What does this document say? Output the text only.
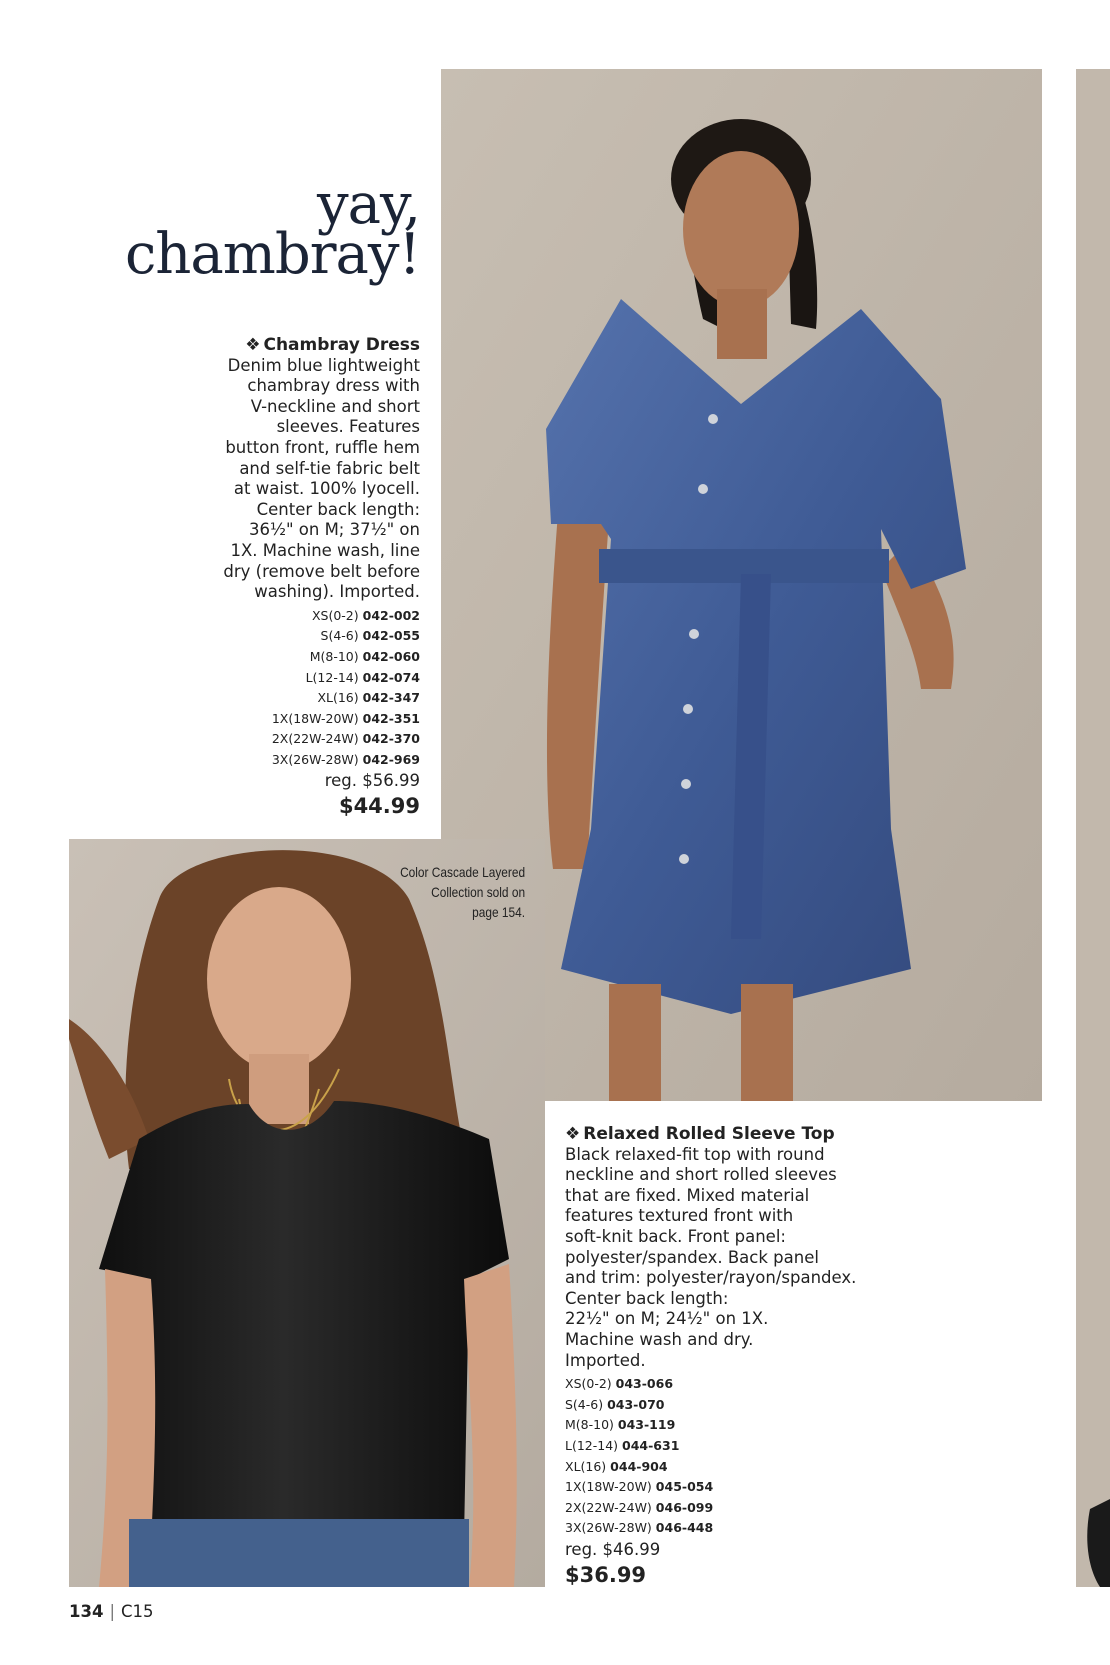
yay,
chambray!
❖ Chambray Dress
Denim blue lightweight
chambray dress with
V-neckline and short
sleeves. Features
button front, ruffle hem
and self-tie fabric belt
at waist. 100% lyocell.
Center back length:
36½" on M; 37½" on
1X. Machine wash, line
dry (remove belt before
washing). Imported.
XS(0-2) 042-002
S(4-6) 042-055
M(8-10) 042-060
L(12-14) 042-074
XL(16) 042-347
1X(18W-20W) 042-351
2X(22W-24W) 042-370
3X(26W-28W) 042-969
reg. $56.99
$44.99
Color Cascade Layered
Collection sold on
page 154.
❖ Relaxed Rolled Sleeve Top
Black relaxed-fit top with round
neckline and short rolled sleeves
that are fixed. Mixed material
features textured front with
soft-knit back. Front panel:
polyester/spandex. Back panel
and trim: polyester/rayon/spandex.
Center back length:
22½" on M; 24½" on 1X.
Machine wash and dry.
Imported.
XS(0-2) 043-066
S(4-6) 043-070
M(8-10) 043-119
L(12-14) 044-631
XL(16) 044-904
1X(18W-20W) 045-054
2X(22W-24W) 046-099
3X(26W-28W) 046-448
reg. $46.99
$36.99
134 | C15
